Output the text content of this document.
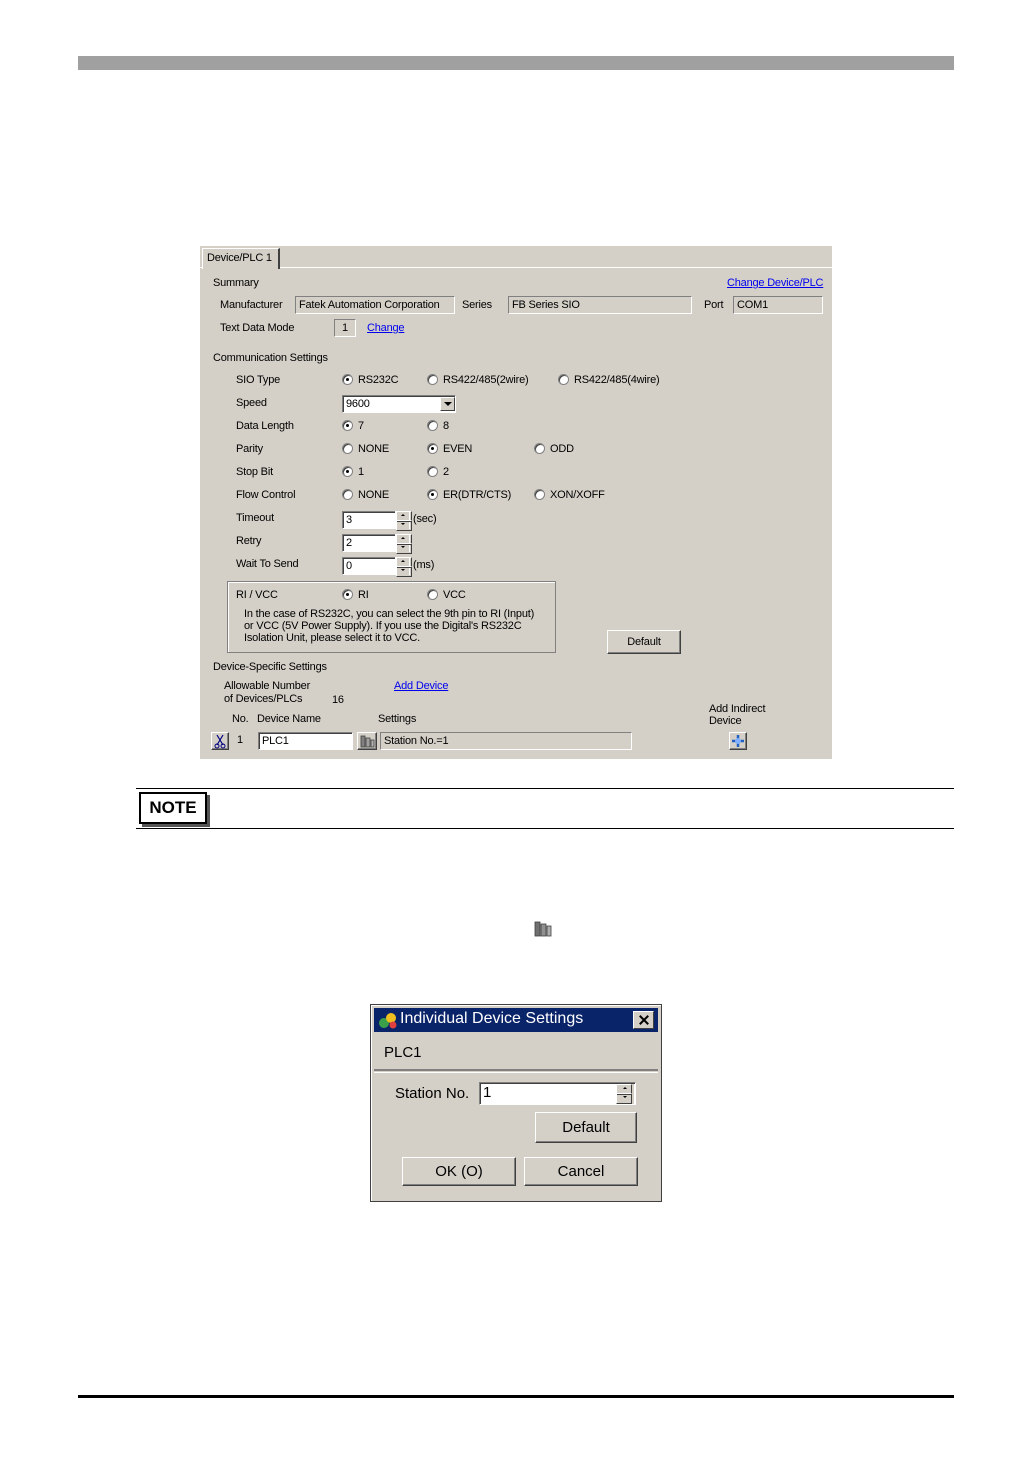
Device/PLC 1
Summary	Change Device/PLC
Manufacturer	Fatek Automation Corporation	Series	FB Series SIO	Port	COM1
Text Data Mode	1	Change
Communication Settings
SIO Type	RS232C	RS422/485(2wire)	RS422/485(4wire)
Speed	9600
Data Length	7	8
Parity	NONE	EVEN	ODD
Stop Bit	1	2
Flow Control	NONE	ER(DTR/CTS)	XON/XOFF
Timeout	3	(sec)
Retry	2
Wait To Send	0	(ms)
RI / VCC	RI	VCC
In the case of RS232C, you can select the 9th pin to RI (Input)
or VCC (5V Power Supply). If you use the Digital's RS232C
Isolation Unit, please select it to VCC.	Default
Device-Specific Settings
Allowable Number
of Devices/PLCs	16
Add Device
No. Device Name	Settings
Add Indirect
Device
1	PLC1	Station No.=1
NOTE
Individual Device Settings
PLC1
Station No. 1
Default
OK (O)	Cancel
